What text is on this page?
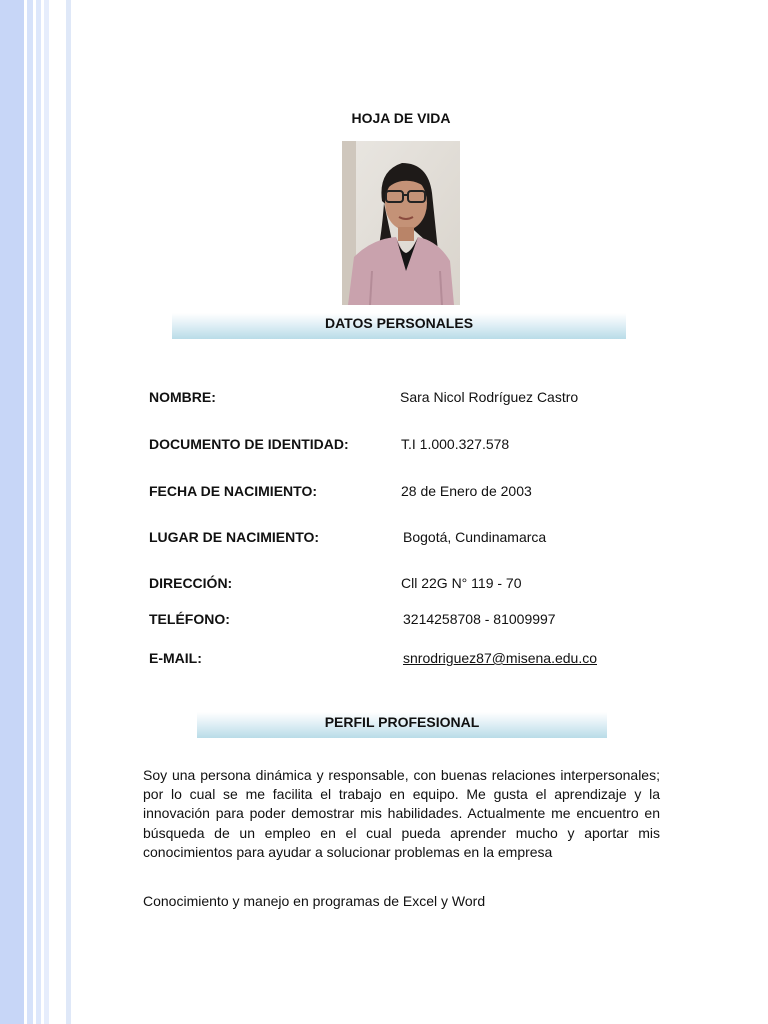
HOJA DE VIDA
DATOS PERSONALES
NOMBRE:	Sara Nicol Rodríguez Castro
DOCUMENTO DE IDENTIDAD:	T.I 1.000.327.578
FECHA DE NACIMIENTO:	28 de Enero de 2003
LUGAR DE NACIMIENTO:	Bogotá, Cundinamarca
DIRECCIÓN:	Cll 22G N° 119 - 70
TELÉFONO:	3214258708 - 81009997
E-MAIL:	snrodriguez87@misena.edu.co
PERFIL PROFESIONAL
Soy una persona dinámica y responsable, con buenas relaciones interpersonales; por lo cual se me facilita el trabajo en equipo. Me gusta el aprendizaje y la innovación para poder demostrar mis habilidades. Actualmente me encuentro en búsqueda de un empleo en el cual pueda aprender mucho y aportar mis conocimientos para ayudar a solucionar problemas en la empresa
Conocimiento y manejo en programas de Excel y Word
